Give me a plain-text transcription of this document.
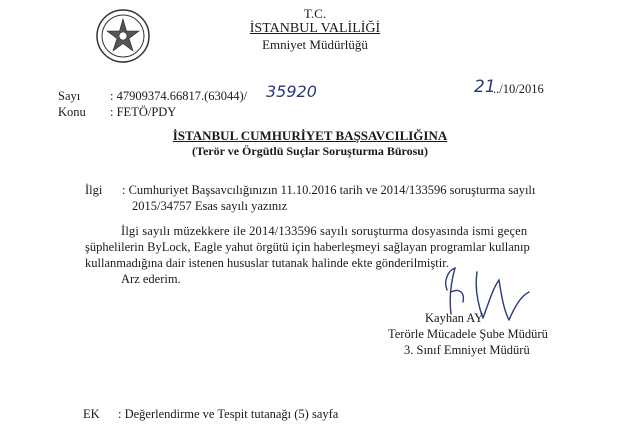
T.C.
İSTANBUL VALİLİĞİ
Emniyet Müdürlüğü
Sayı : 47909374.66817.(63044)/ 35920
Konu : FETÖ/PDY
21
../10/2016
İSTANBUL CUMHURİYET BAŞSAVCILIĞINA
(Terör ve Örgütlü Suçlar Soruşturma Bürosu)
İlgi : Cumhuriyet Başsavcılığınızın 11.10.2016 tarih ve 2014/133596 soruşturma sayılı
2015/34757 Esas sayılı yazınız
İlgi sayılı müzekkere ile 2014/133596 sayılı soruşturma dosyasında ismi geçen
şüphelilerin ByLock, Eagle yahut örgütü için haberleşmeyi sağlayan programlar kullanıp
kullanmadığına dair istenen hususlar tutanak halinde ekte gönderilmiştir.
Arz ederim.
Kayhan AY
Terörle Mücadele Şube Müdürü
3. Sınıf Emniyet Müdürü
EK : Değerlendirme ve Tespit tutanağı (5) sayfa
